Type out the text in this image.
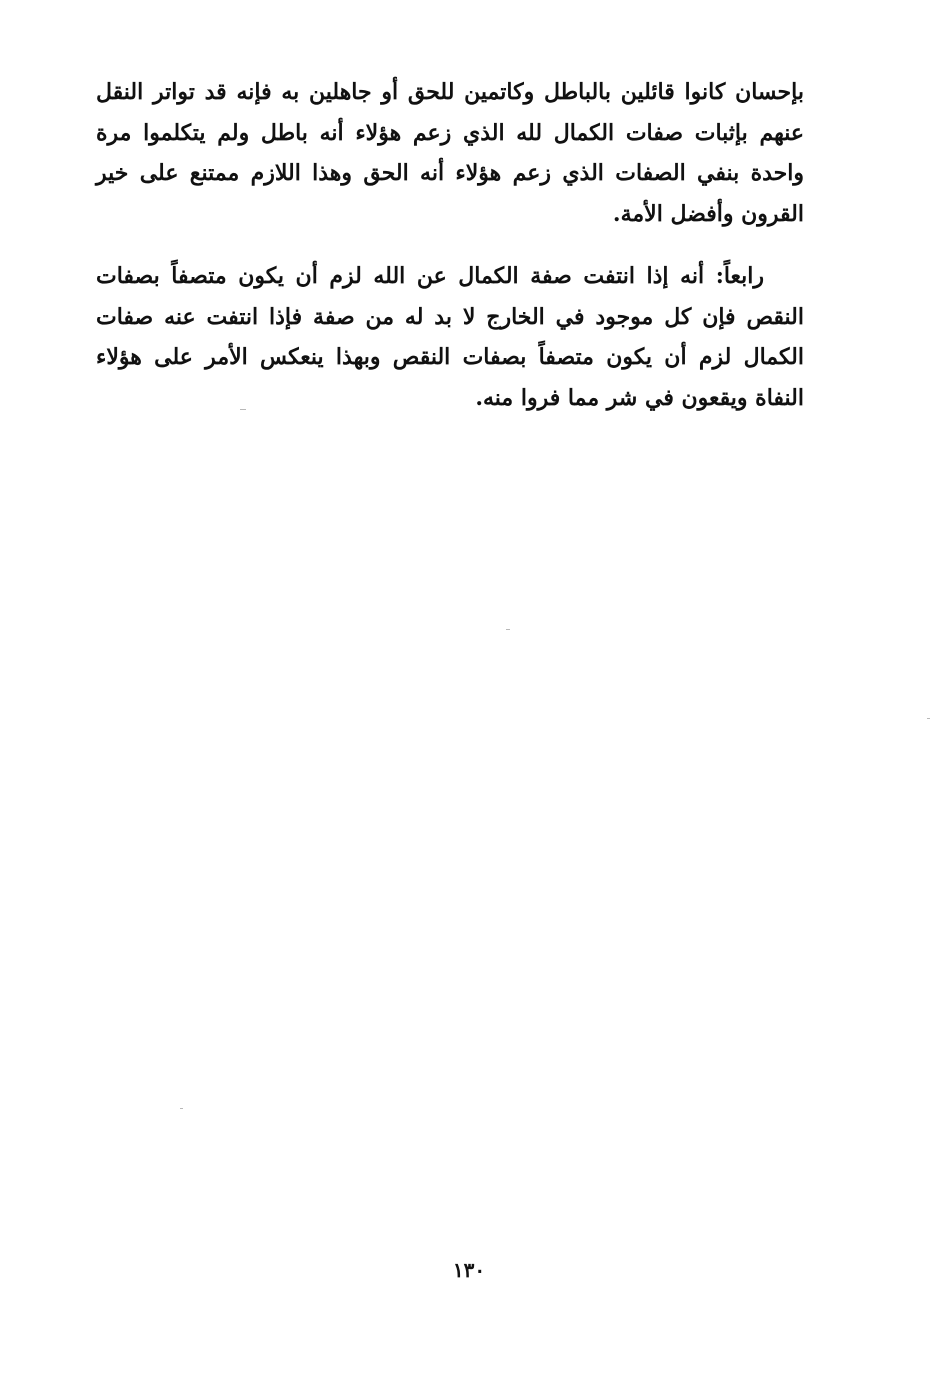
بإحسان كانوا قائلين بالباطل وكاتمين للحق أو جاهلين به فإنه قد تواتر النقل عنهم بإثبات صفات الكمال لله الذي زعم هؤلاء أنه باطل ولم يتكلموا مرة واحدة بنفي الصفات الذي زعم هؤلاء أنه الحق وهذا اللازم ممتنع على خير القرون وأفضل الأمة.

رابعاً: أنه إذا انتفت صفة الكمال عن الله لزم أن يكون متصفاً بصفات النقص فإن كل موجود في الخارج لا بد له من صفة فإذا انتفت عنه صفات الكمال لزم أن يكون متصفاً بصفات النقص وبهذا ينعكس الأمر على هؤلاء النفاة ويقعون في شر مما فروا منه.

١٣٠
